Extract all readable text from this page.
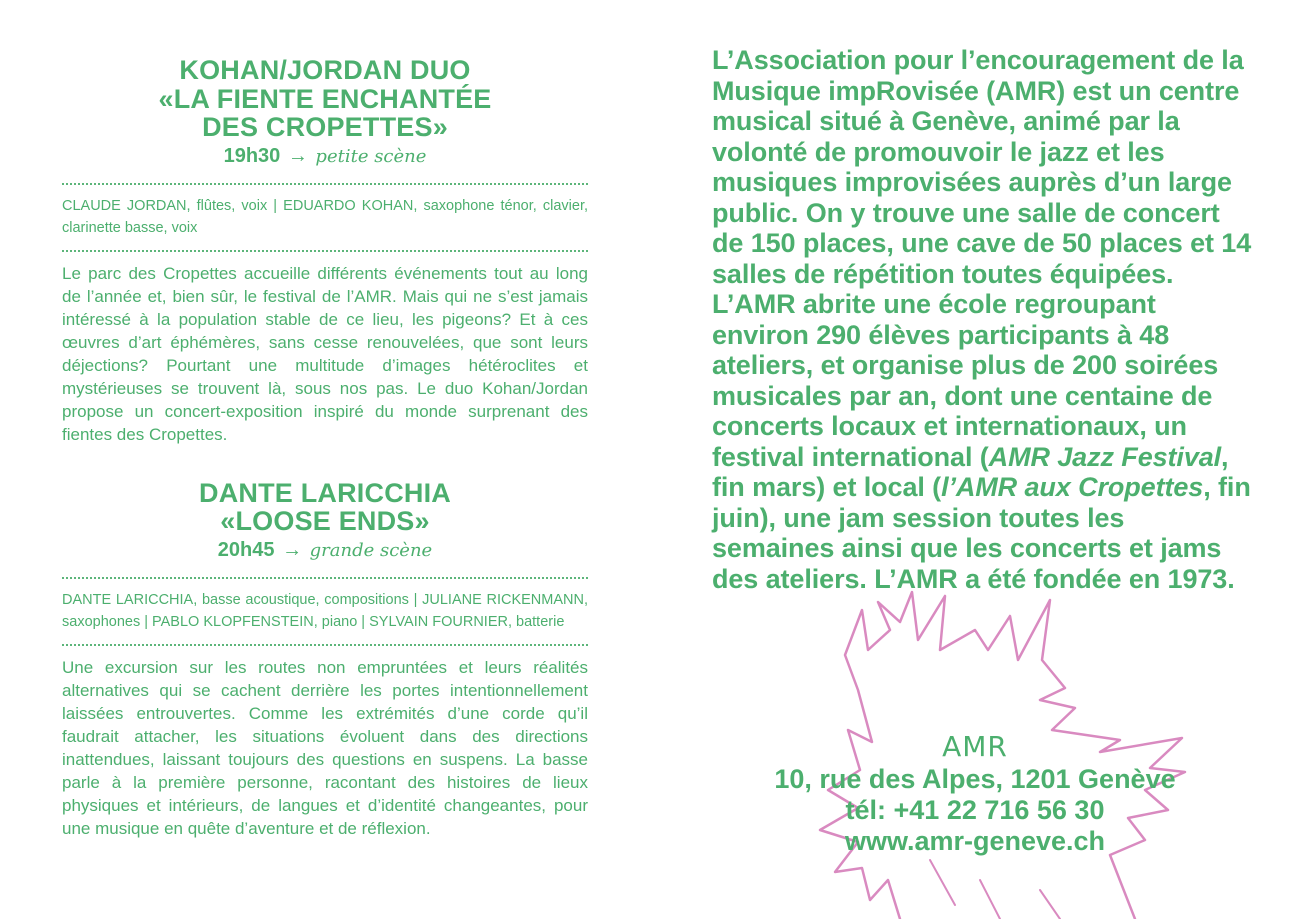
KOHAN/JORDAN DUO
«LA FIENTE ENCHANTÉE
DES CROPETTES»
19h30 → petite scène
CLAUDE JORDAN, flûtes, voix | EDUARDO KOHAN, saxophone ténor, clavier, clarinette basse, voix
Le parc des Cropettes accueille différents événements tout au long de l’année et, bien sûr, le festival de l’AMR. Mais qui ne s’est jamais intéressé à la population stable de ce lieu, les pigeons? Et à ces œuvres d’art éphémères, sans cesse renouvelées, que sont leurs déjections? Pourtant une multitude d’images hétéroclites et mystérieuses se trouvent là, sous nos pas. Le duo Kohan/Jordan propose un concert-exposition inspiré du monde surprenant des fientes des Cropettes.
DANTE LARICCHIA
«LOOSE ENDS»
20h45 → grande scène
DANTE LARICCHIA, basse acoustique, compositions | JULIANE RICKENMANN, saxophones | PABLO KLOPFENSTEIN, piano | SYLVAIN FOURNIER, batterie
Une excursion sur les routes non empruntées et leurs réalités alternatives qui se cachent derrière les portes intentionnellement laissées entrouvertes. Comme les extrémités d’une corde qu’il faudrait attacher, les situations évoluent dans des directions inattendues, laissant toujours des questions en suspens. La basse parle à la première personne, racontant des histoires de lieux physiques et intérieurs, de langues et d’identité changeantes, pour une musique en quête d’aventure et de réflexion.

L’Association pour l’encouragement de la Musique impRovisée (AMR) est un centre musical situé à Genève, animé par la volonté de promouvoir le jazz et les musiques improvisées auprès d’un large public. On y trouve une salle de concert de 150 places, une cave de 50 places et 14 salles de répétition toutes équipées. L’AMR abrite une école regroupant environ 290 élèves participants à 48 ateliers, et organise plus de 200 soirées musicales par an, dont une centaine de concerts locaux et internationaux, un festival international (AMR Jazz Festival, fin mars) et local (l’AMR aux Cropettes, fin juin), une jam session toutes les semaines ainsi que les concerts et jams des ateliers. L’AMR a été fondée en 1973.

AMR
10, rue des Alpes, 1201 Genève
tél: +41 22 716 56 30
www.amr-geneve.ch
